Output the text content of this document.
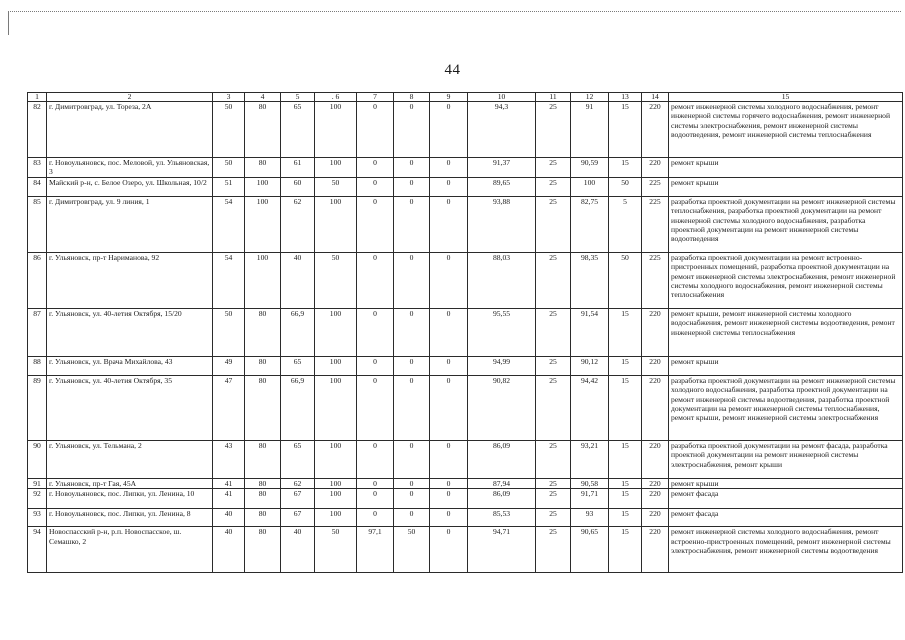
44
1	2	3	4	5	. 6	7	8	9	10	11	12	13	14	15
82	г. Димитровград, ул. Тореза, 2А	50	80	65	100	0	0	0	94,3	25	91	15	220	ремонт инженерной системы холодного водоснабжения, ремонт инженерной системы горячего водоснабжения, ремонт инженерной системы электроснабжения, ремонт инженерной системы водоотведения, ремонт инженерной системы теплоснабжения
83	г. Новоульяновск, пос. Меловой, ул. Ульяновская, 3	50	80	61	100	0	0	0	91,37	25	90,59	15	220	ремонт крыши
84	Майский р-н, с. Белое Озеро, ул. Школьная, 10/2	51	100	60	50	0	0	0	89,65	25	100	50	225	ремонт крыши
85	г. Димитровград, ул. 9 линия, 1	54	100	62	100	0	0	0	93,88	25	82,75	5	225	разработка проектной документации на ремонт инженерной системы теплоснабжения, разработка проектной документации на ремонт инженерной системы холодного водоснабжения, разработка проектной документации на ремонт инженерной системы водоотведения
86	г. Ульяновск, пр-т Нариманова, 92	54	100	40	50	0	0	0	88,03	25	98,35	50	225	разработка проектной документации на ремонт встроенно-пристроенных помещений, разработка проектной документации на ремонт инженерной системы электроснабжения, ремонт инженерной системы холодного водоснабжения, ремонт инженерной системы теплоснабжения
87	г. Ульяновск, ул. 40-летия Октября, 15/20	50	80	66,9	100	0	0	0	95,55	25	91,54	15	220	ремонт крыши, ремонт инженерной системы холодного водоснабжения, ремонт инженерной системы водоотведения, ремонт инженерной системы теплоснабжения
88	г. Ульяновск, ул. Врача Михайлова, 43	49	80	65	100	0	0	0	94,99	25	90,12	15	220	ремонт крыши
89	г. Ульяновск, ул. 40-летия Октября, 35	47	80	66,9	100	0	0	0	90,82	25	94,42	15	220	разработка проектной документации на ремонт инженерной системы холодного водоснабжения, разработка проектной документации на ремонт инженерной системы водоотведения, разработка проектной документации на ремонт инженерной системы теплоснабжения, ремонт крыши, ремонт инженерной системы электроснабжения
90	г. Ульяновск, ул. Тельмана, 2	43	80	65	100	0	0	0	86,09	25	93,21	15	220	разработка проектной документации на ремонт фасада, разработка проектной документации на ремонт инженерной системы электроснабжения, ремонт крыши
91	г. Ульяновск, пр-т Гая, 45А	41	80	62	100	0	0	0	87,94	25	90,58	15	220	ремонт крыши
92	г. Новоульяновск, пос. Липки, ул. Ленина, 10	41	80	67	100	0	0	0	86,09	25	91,71	15	220	ремонт фасада
93	г. Новоульяновск, пос. Липки, ул. Ленина, 8	40	80	67	100	0	0	0	85,53	25	93	15	220	ремонт фасада
94	Новоспасский р-н, р.п. Новоспасское, ш. Семашко, 2	40	80	40	50	97,1	50	0	94,71	25	90,65	15	220	ремонт инженерной системы холодного водоснабжения, ремонт встроенно-пристроенных помещений, ремонт инженерной системы электроснабжения, ремонт инженерной системы водоотведения
